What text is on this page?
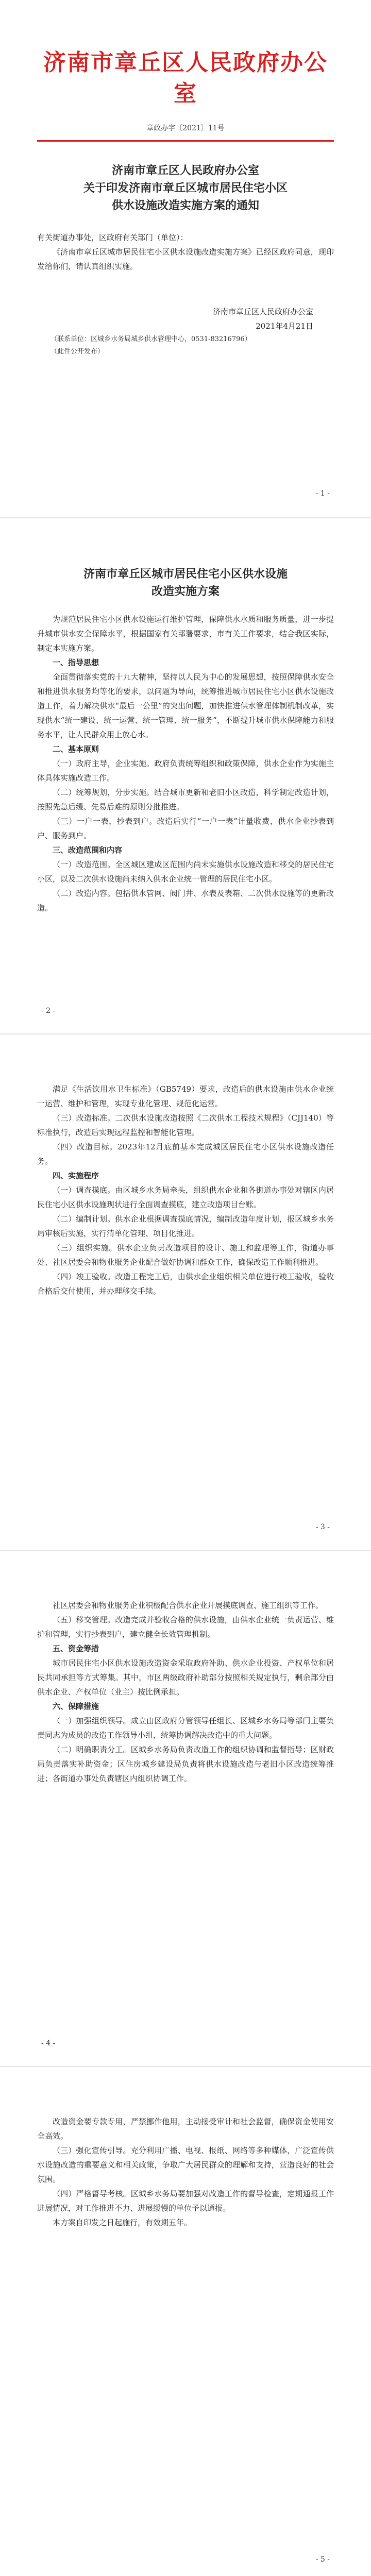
济南市章丘区人民政府办公室
章政办字〔2021〕11号

济南市章丘区人民政府办公室

关于印发济南市章丘区城市居民住宅小区

供水设施改造实施方案的通知

有关街道办事处，区政府有关部门（单位）：

《济南市章丘区城市居民住宅小区供水设施改造实施方案》已经区政府同意，现印发给你们，请认真组织实施。

济南市章丘区人民政府办公室

2021年4月21日

（联系单位：区城乡水务局城乡供水管理中心，0531-83216796）

（此件公开发布）

- 1 -

济南市章丘区城市居民住宅小区供水设施

改造实施方案

为规范居民住宅小区供水设施运行维护管理，保障供水水质和服务质量，进一步提升城市供水安全保障水平，根据国家有关部署要求，市有关工作要求，结合我区实际，制定本实施方案。

一、指导思想

全面贯彻落实党的十九大精神，坚持以人民为中心的发展思想，按照保障供水安全和推进供水服务均等化的要求，以问题为导向，统筹推进城市居民住宅小区供水设施改造工作，着力解决供水“最后一公里”的突出问题，加快推进供水管理体制机制改革，实现供水“统一建设、统一运营、统一管理、统一服务”，不断提升城市供水保障能力和服务水平，让人民群众用上放心水。

二、基本原则

（一）政府主导，企业实施。政府负责统筹组织和政策保障，供水企业作为实施主体具体实施改造工作。

（二）统筹规划，分步实施。结合城市更新和老旧小区改造，科学制定改造计划，按照先急后缓、先易后难的原则分批推进。

（三）一户一表，抄表到户。改造后实行“一户一表”计量收费，供水企业抄表到户、服务到户。

三、改造范围和内容

（一）改造范围。全区城区建成区范围内尚未实施供水设施改造和移交的居民住宅小区，以及二次供水设施尚未纳入供水企业统一管理的居民住宅小区。

（二）改造内容。包括供水管网、阀门井、水表及表箱、二次供水设施等的更新改造。

- 2 -

满足《生活饮用水卫生标准》（GB5749）要求，改造后的供水设施由供水企业统一运营、维护和管理，实现专业化管理、规范化运营。

（三）改造标准。二次供水设施改造按照《二次供水工程技术规程》（CJJ140）等标准执行，改造后实现远程监控和智能化管理。

（四）改造目标。2023年12月底前基本完成城区居民住宅小区供水设施改造任务。

四、实施程序

（一）调查摸底。由区城乡水务局牵头，组织供水企业和各街道办事处对辖区内居民住宅小区供水设施现状进行全面调查摸底，建立改造项目台账。

（二）编制计划。供水企业根据调查摸底情况，编制改造年度计划，报区城乡水务局审核后实施，实行清单化管理、项目化推进。

（三）组织实施。供水企业负责改造项目的设计、施工和监理等工作，街道办事处、社区居委会和物业服务企业配合做好协调和群众工作，确保改造工作顺利推进。

（四）竣工验收。改造工程完工后，由供水企业组织相关单位进行竣工验收，验收合格后交付使用，并办理移交手续。

- 3 -

社区居委会和物业服务企业积极配合供水企业开展摸底调查、施工组织等工作。

（五）移交管理。改造完成并验收合格的供水设施，由供水企业统一负责运营、维护和管理，实行抄表到户，建立健全长效管理机制。

五、资金筹措

城市居民住宅小区供水设施改造资金采取政府补助、供水企业投资、产权单位和居民共同承担等方式筹集。其中，市区两级政府补助部分按照相关规定执行，剩余部分由供水企业、产权单位（业主）按比例承担。

六、保障措施

（一）加强组织领导。成立由区政府分管领导任组长、区城乡水务局等部门主要负责同志为成员的改造工作领导小组，统筹协调解决改造中的重大问题。

（二）明确职责分工。区城乡水务局负责改造工作的组织协调和监督指导；区财政局负责落实补助资金；区住房城乡建设局负责将供水设施改造与老旧小区改造统筹推进；各街道办事处负责辖区内组织协调工作。

- 4 -

改造资金要专款专用，严禁挪作他用，主动接受审计和社会监督，确保资金使用安全高效。

（三）强化宣传引导。充分利用广播、电视、报纸、网络等多种媒体，广泛宣传供水设施改造的重要意义和相关政策，争取广大居民群众的理解和支持，营造良好的社会氛围。

（四）严格督导考核。区城乡水务局要加强对改造工作的督导检查，定期通报工作进展情况，对工作推进不力、进展缓慢的单位予以通报。

本方案自印发之日起施行，有效期五年。

- 5 -
